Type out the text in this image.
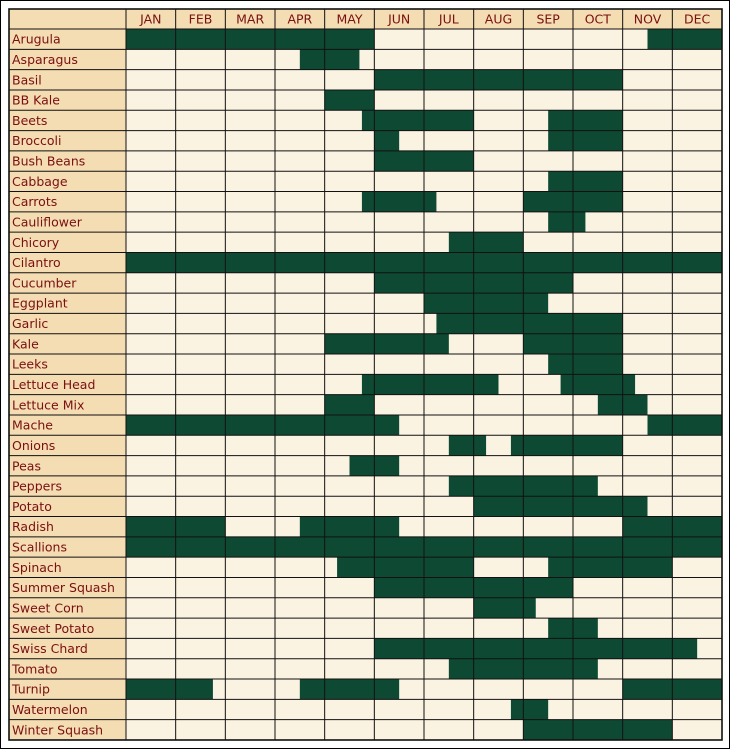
JAN FEB MAR APR MAY JUN JUL AUG SEP OCT NOV DEC
Arugula
Asparagus
Basil
BB Kale
Beets
Broccoli
Bush Beans
Cabbage
Carrots
Cauliflower
Chicory
Cilantro
Cucumber
Eggplant
Garlic
Kale
Leeks
Lettuce Head
Lettuce Mix
Mache
Onions
Peas
Peppers
Potato
Radish
Scallions
Spinach
Summer Squash
Sweet Corn
Sweet Potato
Swiss Chard
Tomato
Turnip
Watermelon
Winter Squash
